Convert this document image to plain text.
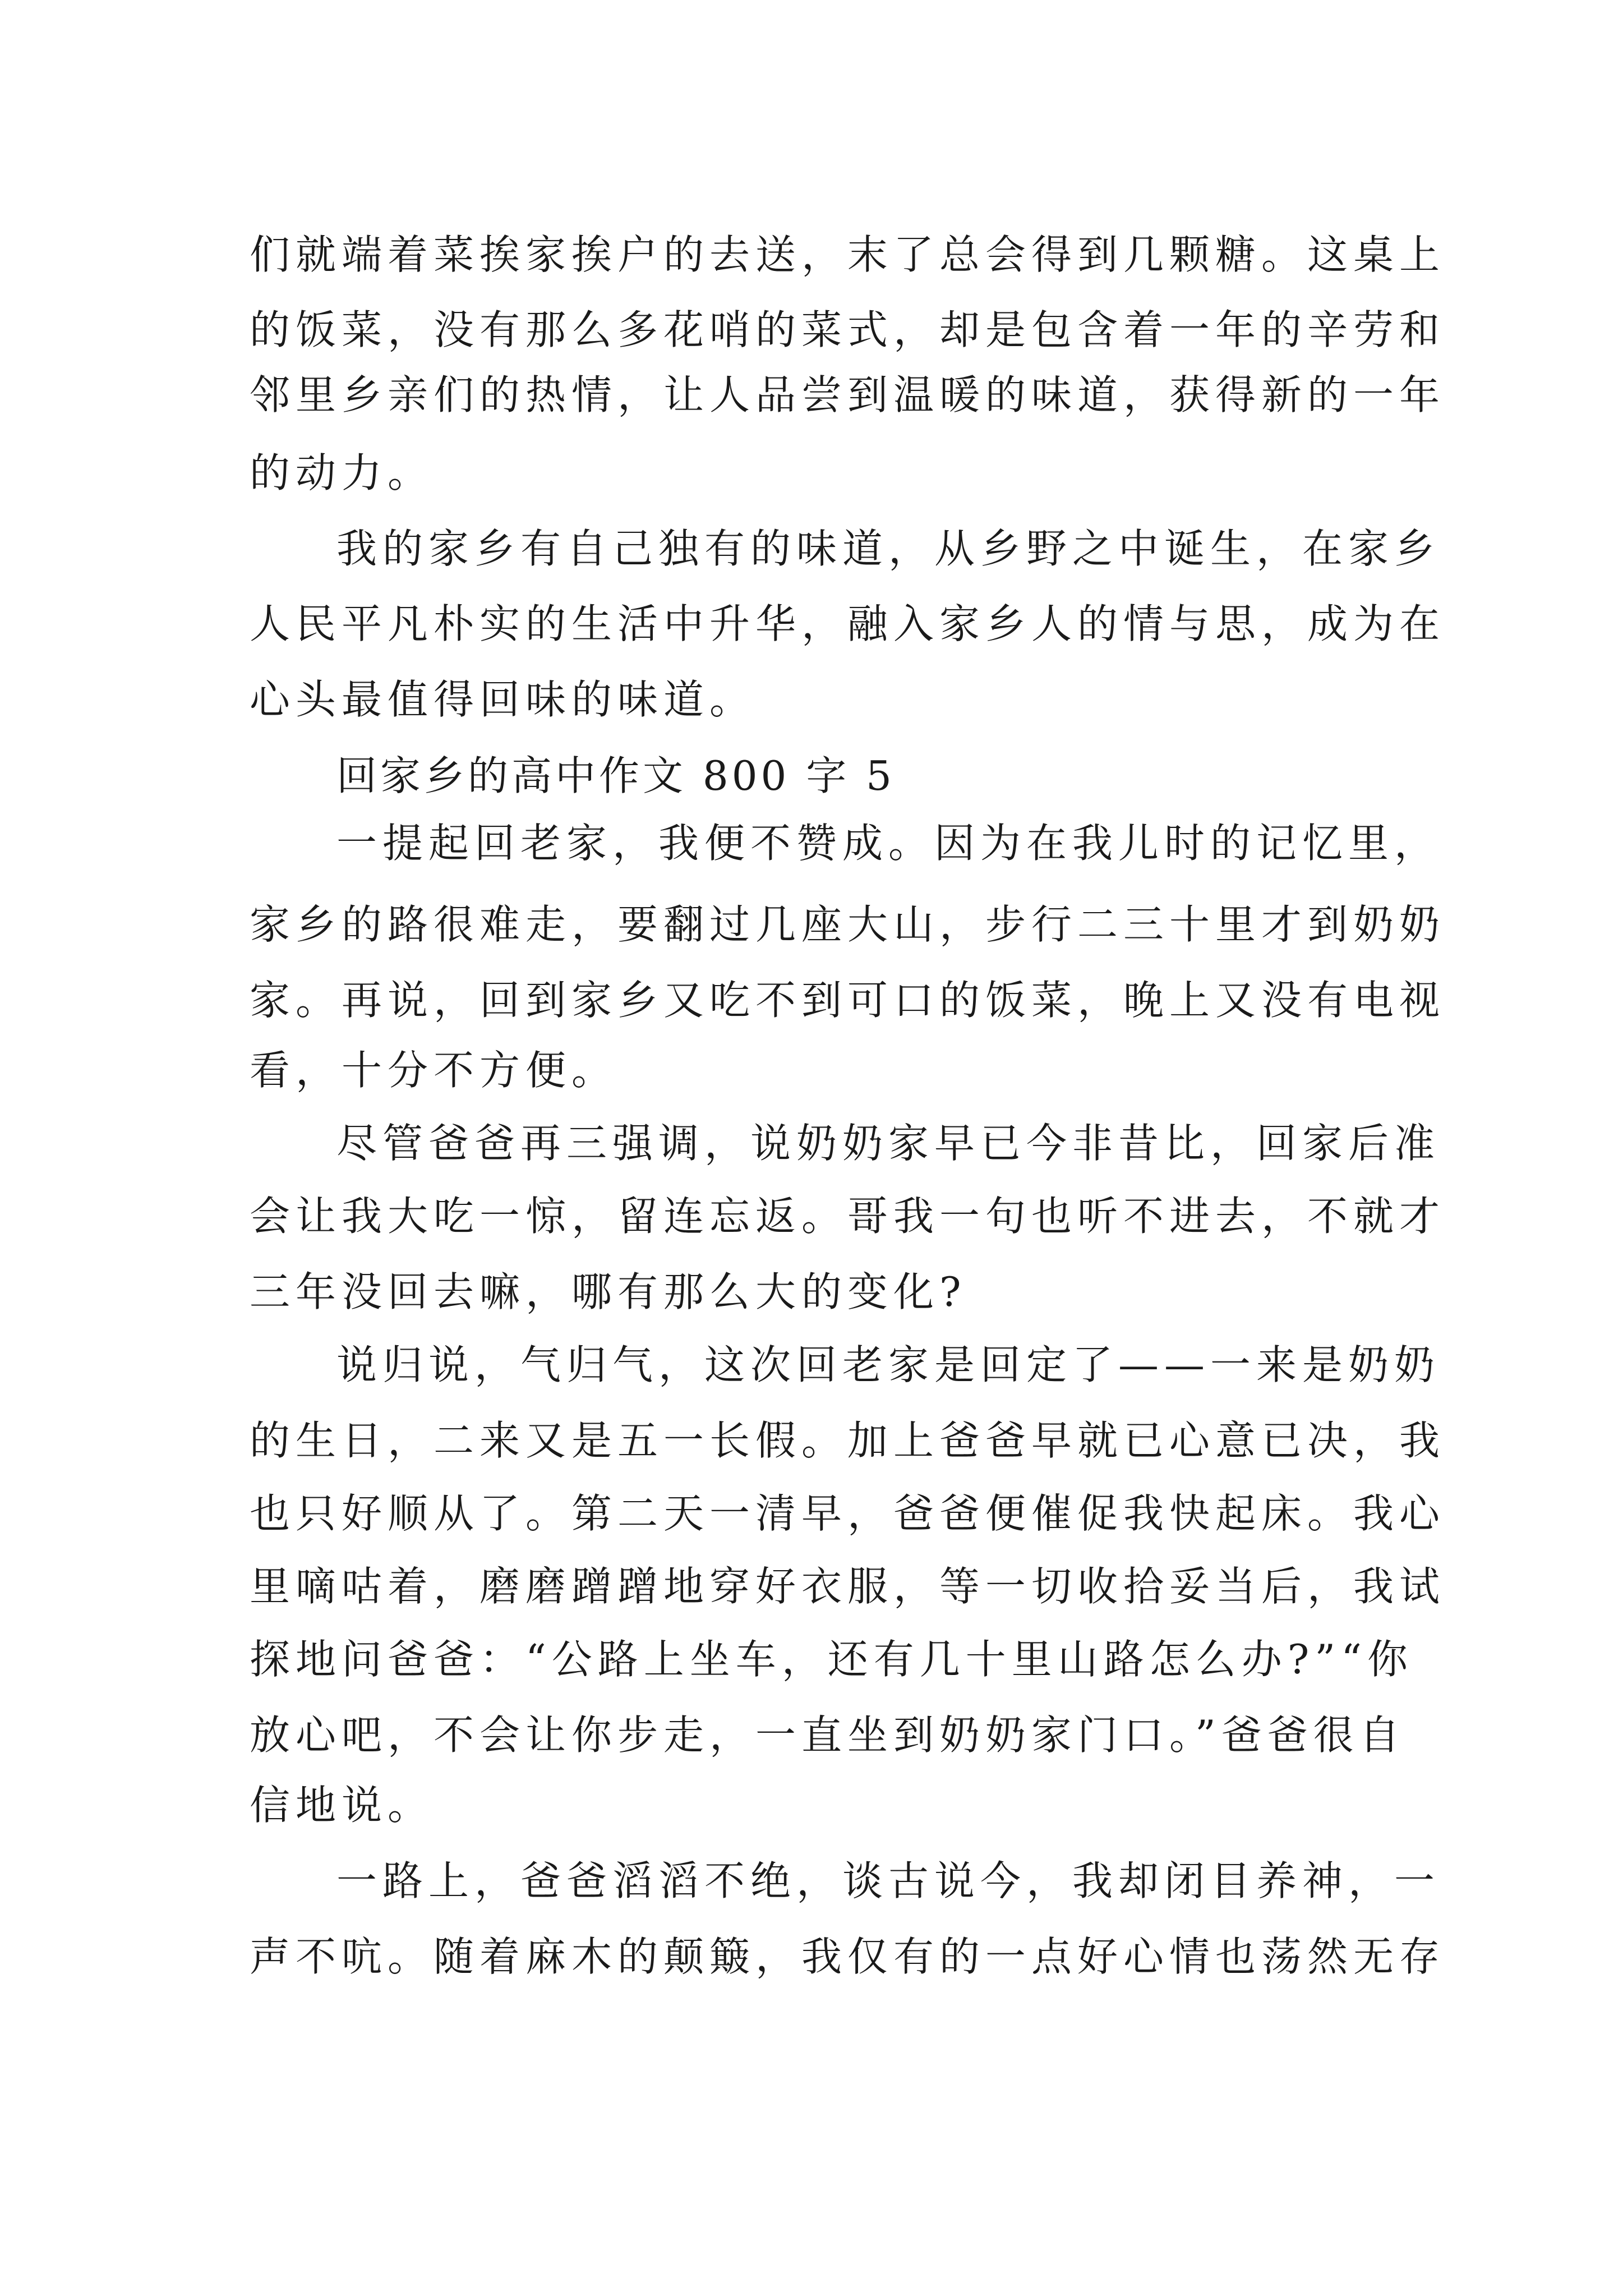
们就端着菜挨家挨户的去送，末了总会得到几颗糖。这桌上
的饭菜，没有那么多花哨的菜式，却是包含着一年的辛劳和
邻里乡亲们的热情，让人品尝到温暖的味道，获得新的一年
的动力。
我的家乡有自己独有的味道，从乡野之中诞生，在家乡
人民平凡朴实的生活中升华，融入家乡人的情与思，成为在
心头最值得回味的味道。
回家乡的高中作文 800 字 5
一提起回老家，我便不赞成。因为在我儿时的记忆里，
家乡的路很难走，要翻过几座大山，步行二三十里才到奶奶
家。再说，回到家乡又吃不到可口的饭菜，晚上又没有电视
看，十分不方便。
尽管爸爸再三强调，说奶奶家早已今非昔比，回家后准
会让我大吃一惊，留连忘返。哥我一句也听不进去，不就才
三年没回去嘛，哪有那么大的变化?
说归说，气归气，这次回老家是回定了——一来是奶奶
的生日，二来又是五一长假。加上爸爸早就已心意已决，我
也只好顺从了。第二天一清早，爸爸便催促我快起床。我心
里嘀咕着，磨磨蹭蹭地穿好衣服，等一切收拾妥当后，我试
探地问爸爸：“公路上坐车，还有几十里山路怎么办?”“你
放心吧，不会让你步走，一直坐到奶奶家门口。”爸爸很自
信地说。
一路上，爸爸滔滔不绝，谈古说今，我却闭目养神，一
声不吭。随着麻木的颠簸，我仅有的一点好心情也荡然无存
